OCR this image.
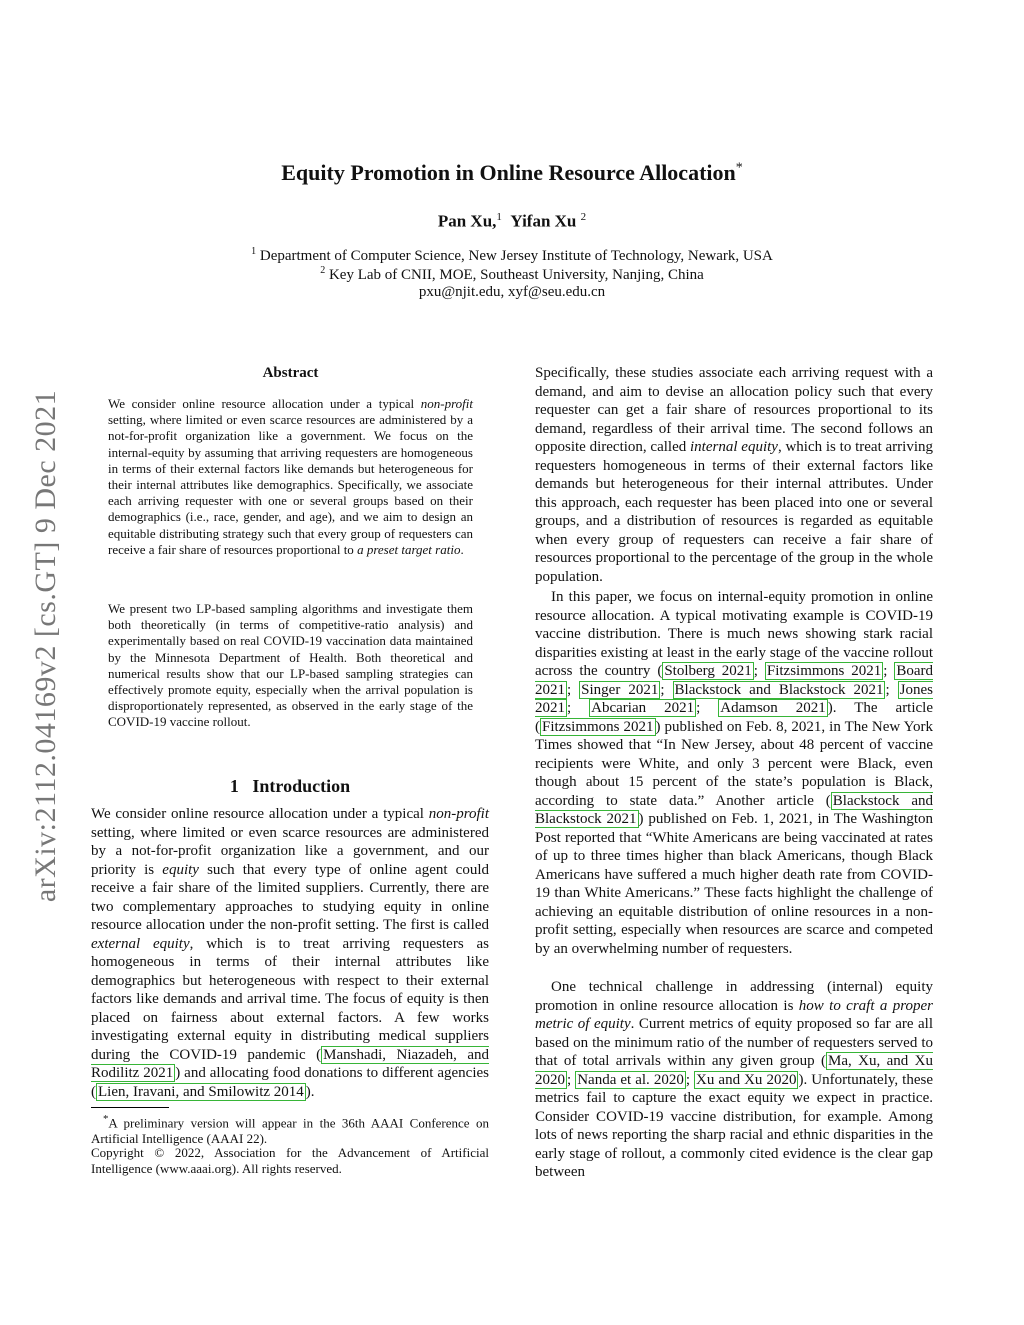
Equity Promotion in Online Resource Allocation*
Pan Xu,$^1$ Yifan Xu $^2$
$^1$ Department of Computer Science, New Jersey Institute of Technology, Newark, USA
$^2$ Key Lab of CNII, MOE, Southeast University, Nanjing, China
pxu@njit.edu, xyf@seu.edu.cn
arXiv:2112.04169v2 [cs.GT] 9 Dec 2021
Abstract
We consider online resource allocation under a typical non-profit setting, where limited or even scarce resources are administered by a not-for-profit organization like a government. We focus on the internal-equity by assuming that arriving requesters are homogeneous in terms of their external factors like demands but heterogeneous for their internal attributes like demographics. Specifically, we associate each arriving requester with one or several groups based on their demographics (i.e., race, gender, and age), and we aim to design an equitable distributing strategy such that every group of requesters can receive a fair share of resources proportional to a preset target ratio.
We present two LP-based sampling algorithms and investigate them both theoretically (in terms of competitive-ratio analysis) and experimentally based on real COVID-19 vaccination data maintained by the Minnesota Department of Health. Both theoretical and numerical results show that our LP-based sampling strategies can effectively promote equity, especially when the arrival population is disproportionately represented, as observed in the early stage of the COVID-19 vaccine rollout.
1 Introduction
We consider online resource allocation under a typical non-profit setting, where limited or even scarce resources are administered by a not-for-profit organization like a government, and our priority is equity such that every type of online agent could receive a fair share of the limited suppliers. Currently, there are two complementary approaches to studying equity in online resource allocation under the non-profit setting. The first is called external equity, which is to treat arriving requesters as homogeneous in terms of their internal attributes like demographics but heterogeneous with respect to their external factors like demands and arrival time. The focus of equity is then placed on fairness about external factors. A few works investigating external equity in distributing medical suppliers during the COVID-19 pandemic ( Manshadi, Niazadeh, and Rodilitz 2021 ) and allocating food donations to different agencies ( Lien, Iravani, and Smilowitz 2014 ).
*A preliminary version will appear in the 36th AAAI Conference on Artificial Intelligence (AAAI 22).
Copyright © 2022, Association for the Advancement of Artificial Intelligence (www.aaai.org). All rights reserved.
Specifically, these studies associate each arriving request with a demand, and aim to devise an allocation policy such that every requester can get a fair share of resources proportional to its demand, regardless of their arrival time. The second follows an opposite direction, called internal equity, which is to treat arriving requesters homogeneous in terms of their external factors like demands but heterogeneous for their internal attributes. Under this approach, each requester has been placed into one or several groups, and a distribution of resources is regarded as equitable when every group of requesters can receive a fair share of resources proportional to the percentage of the group in the whole population.
In this paper, we focus on internal-equity promotion in online resource allocation. A typical motivating example is COVID-19 vaccine distribution. There is much news showing stark racial disparities existing at least in the early stage of the vaccine rollout across the country ( Stolberg 2021 ; Fitzsimmons 2021 ; Board 2021 ; Singer 2021 ; Blackstock and Blackstock 2021 ; Jones 2021 ; Abcarian 2021 ; Adamson 2021 ). The article ( Fitzsimmons 2021 ) published on Feb. 8, 2021, in The New York Times showed that “In New Jersey, about 48 percent of vaccine recipients were White, and only 3 percent were Black, even though about 15 percent of the state’s population is Black, according to state data.” Another article ( Blackstock and Blackstock 2021 ) published on Feb. 1, 2021, in The Washington Post reported that “White Americans are being vaccinated at rates of up to three times higher than black Americans, though Black Americans have suffered a much higher death rate from COVID-19 than White Americans.” These facts highlight the challenge of achieving an equitable distribution of online resources in a non-profit setting, especially when resources are scarce and competed by an overwhelming number of requesters.
One technical challenge in addressing (internal) equity promotion in online resource allocation is how to craft a proper metric of equity. Current metrics of equity proposed so far are all based on the minimum ratio of the number of requesters served to that of total arrivals within any given group ( Ma, Xu, and Xu 2020 ; Nanda et al. 2020 ; Xu and Xu 2020 ). Unfortunately, these metrics fail to capture the exact equity we expect in practice. Consider COVID-19 vaccine distribution, for example. Among lots of news reporting the sharp racial and ethnic disparities in the early stage of rollout, a commonly cited evidence is the clear gap between
